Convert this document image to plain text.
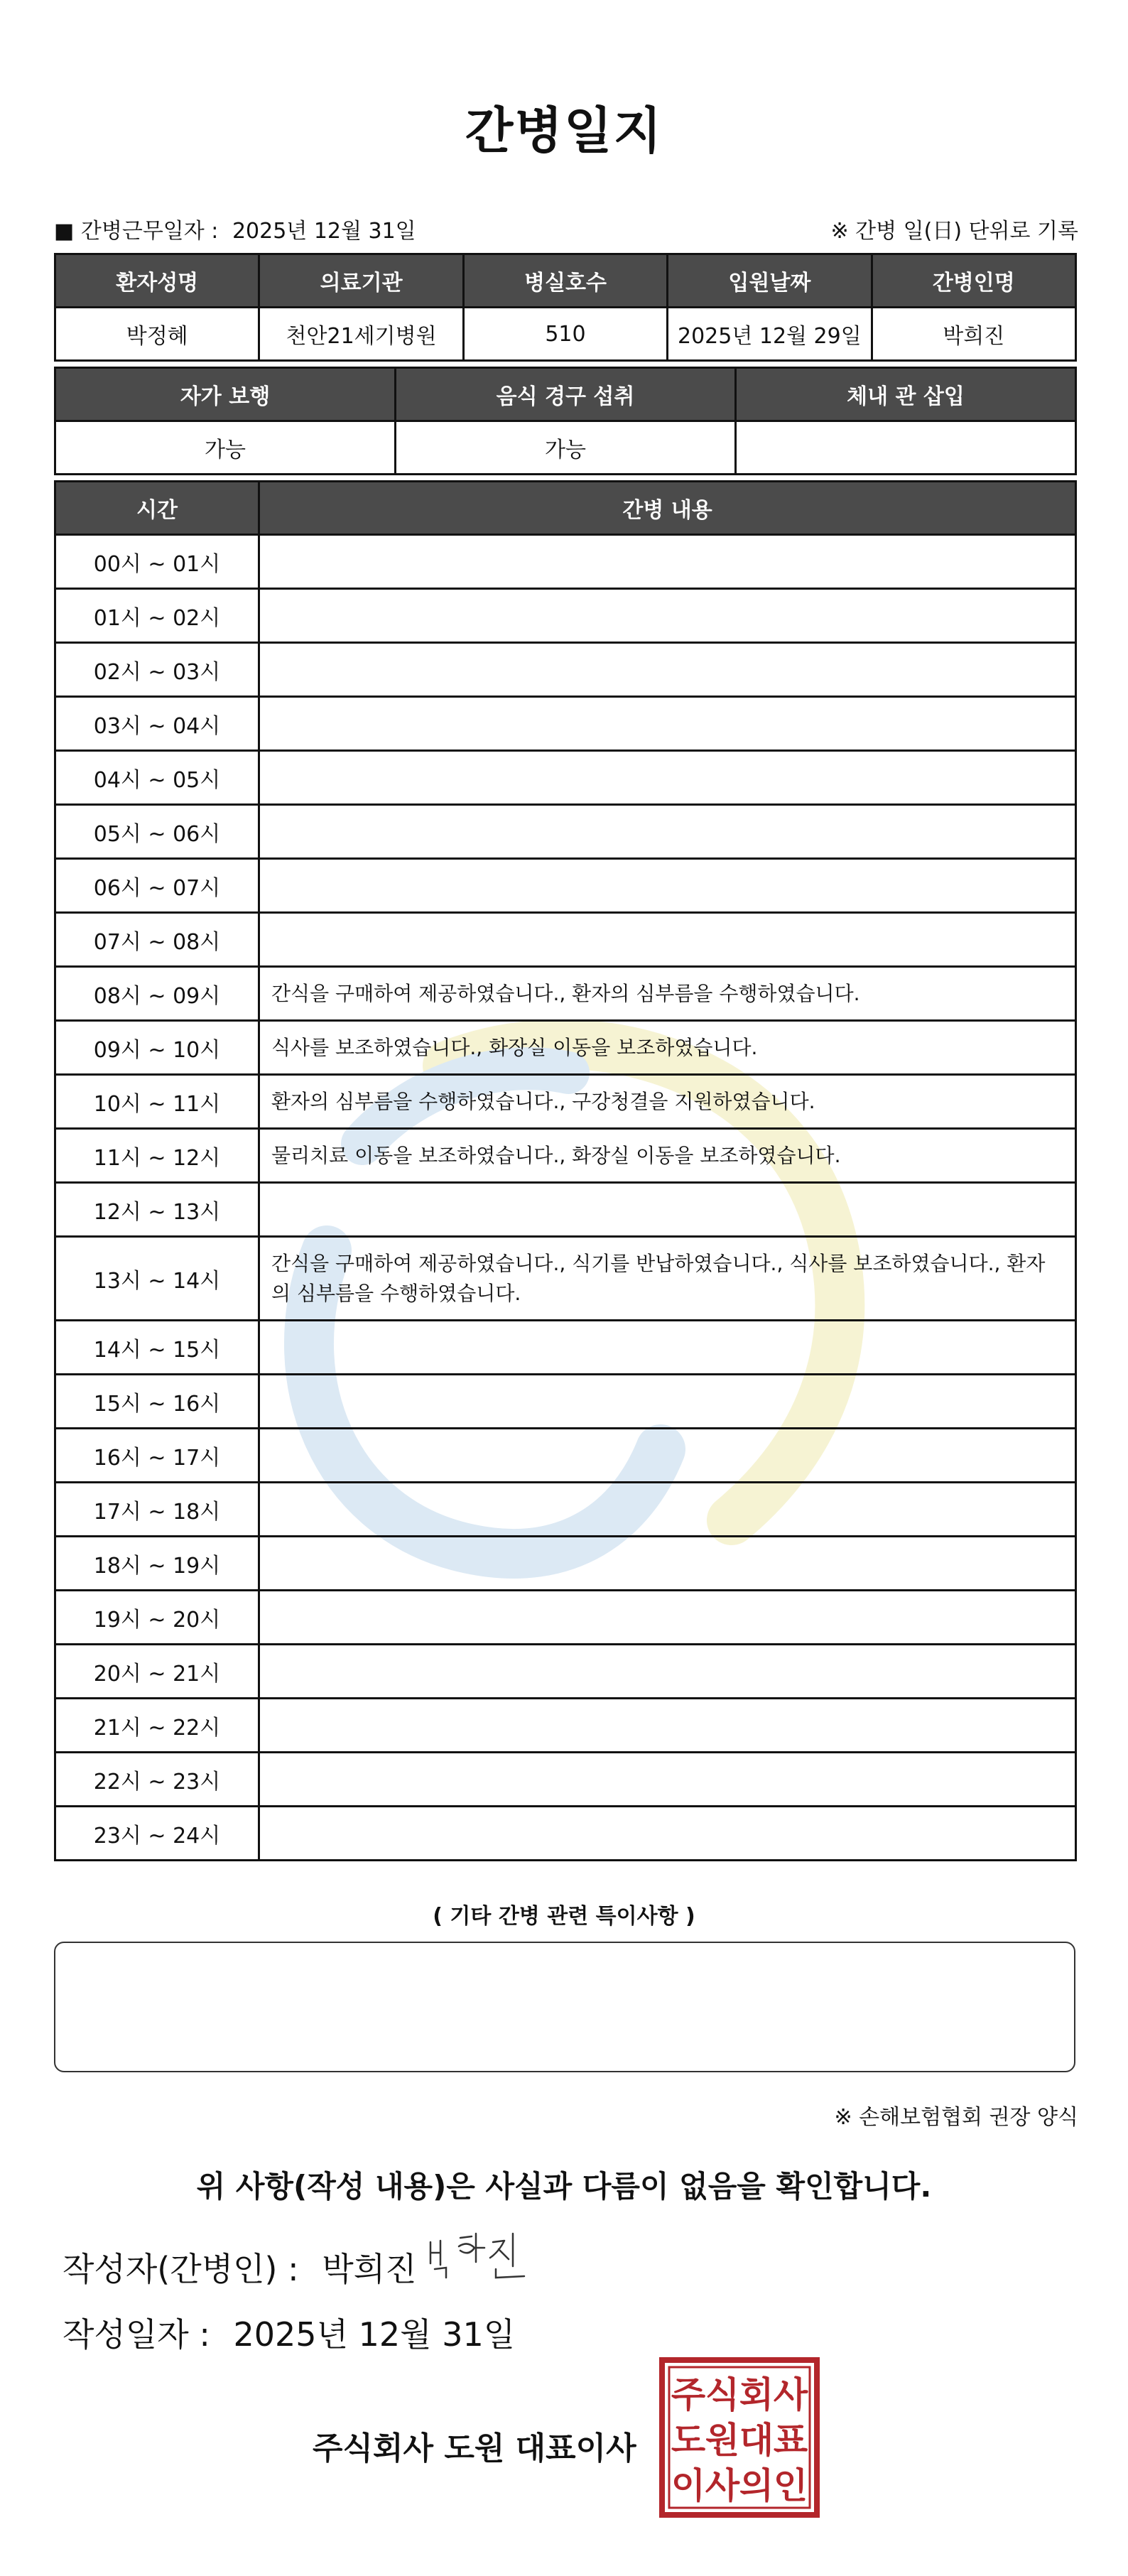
간병일지
■ 간병근무일자 : 2025년 12월 31일	※ 간병 일(日) 단위로 기록
환자성명	의료기관	병실호수	입원날짜	간병인명
박정혜	천안21세기병원	510	2025년 12월 29일	박희진
자가 보행	음식 경구 섭취	체내 관 삽입
가능	가능	
시간	간병 내용
00시 ~ 01시	
01시 ~ 02시	
02시 ~ 03시	
03시 ~ 04시	
04시 ~ 05시	
05시 ~ 06시	
06시 ~ 07시	
07시 ~ 08시	
08시 ~ 09시	간식을 구매하여 제공하였습니다., 환자의 심부름을 수행하였습니다.
09시 ~ 10시	식사를 보조하였습니다., 화장실 이동을 보조하였습니다.
10시 ~ 11시	환자의 심부름을 수행하였습니다., 구강청결을 지원하였습니다.
11시 ~ 12시	물리치료 이동을 보조하였습니다., 화장실 이동을 보조하였습니다.
12시 ~ 13시	
13시 ~ 14시	간식을 구매하여 제공하였습니다., 식기를 반납하였습니다., 식사를 보조하였습니다., 환자의 심부름을 수행하였습니다.
14시 ~ 15시	
15시 ~ 16시	
16시 ~ 17시	
17시 ~ 18시	
18시 ~ 19시	
19시 ~ 20시	
20시 ~ 21시	
21시 ~ 22시	
22시 ~ 23시	
23시 ~ 24시	
( 기타 간병 관련 특이사항 )
※ 손해보험협회 권장 양식
위 사항(작성 내용)은 사실과 다름이 없음을 확인합니다.
작성자(간병인) : 박희진
작성일자 : 2025년 12월 31일
주식회사 도원 대표이사
주 식 회 사
도 원 대 표
이 사 의 인
